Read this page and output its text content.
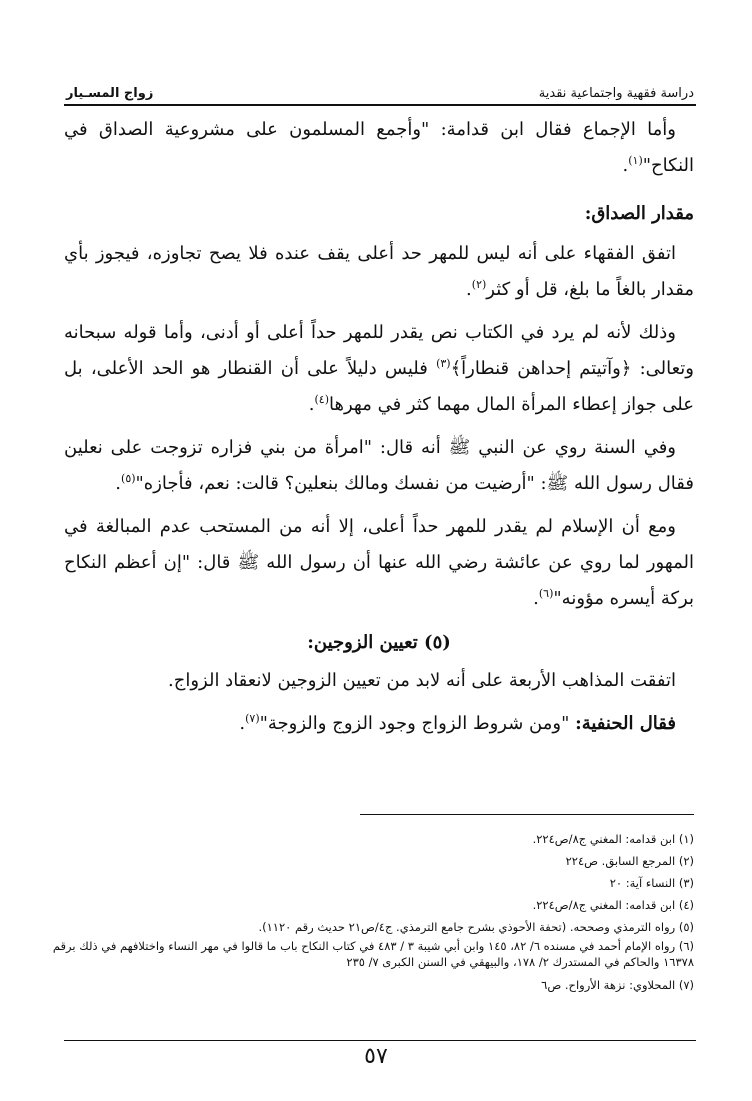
دراسة فقهية واجتماعية نقدية
زواج المسـيار

وأما الإجماع فقال ابن قدامة: "وأجمع المسلمون على مشروعية الصداق في النكاح"$^{(١)}$.

مقدار الصداق:

اتفق الفقهاء على أنه ليس للمهر حد أعلى يقف عنده فلا يصح تجاوزه، فيجوز بأي مقدار بالغاً ما بلغ، قل أو كثر$^{(٢)}$.

وذلك لأنه لم يرد في الكتاب نص يقدر للمهر حداً أعلى أو أدنى، وأما قوله سبحانه وتعالى: ﴿وآتيتم إحداهن قنطاراً﴾$^{(٣)}$ فليس دليلاً على أن القنطار هو الحد الأعلى، بل على جواز إعطاء المرأة المال مهما كثر في مهرها$^{(٤)}$.

وفي السنة روي عن النبي ﷺ أنه قال: "امرأة من بني فزاره تزوجت على نعلين فقال رسول الله ﷺ: "أرضيت من نفسك ومالك بنعلين؟ قالت: نعم، فأجازه"$^{(٥)}$.

ومع أن الإسلام لم يقدر للمهر حداً أعلى، إلا أنه من المستحب عدم المبالغة في المهور لما روي عن عائشة رضي الله عنها أن رسول الله ﷺ قال: "إن أعظم النكاح بركة أيسره مؤونه"$^{(٦)}$.

(٥) تعيين الزوجين:

اتفقت المذاهب الأربعة على أنه لابد من تعيين الزوجين لانعقاد الزواج.

فقال الحنفية: "ومن شروط الزواج وجود الزوج والزوجة"$^{(٧)}$.

(١) ابن قدامه: المغني ج٨/ص٢٢٤.

(٢) المرجع السابق. ص٢٢٤

(٣) النساء آية: ٢٠

(٤) ابن قدامه: المغني ج٨/ص٢٢٤.

(٥) رواه الترمذي وصححه. (تحفة الأحوذي بشرح جامع الترمذي. ج٤/ص٢١ حديث رقم ١١٢٠).

(٦) رواه الإمام أحمد في مسنده ٦/ ٨٢، ١٤٥ وابن أبي شيبة ٣ / ٤٨٣ في كتاب النكاح باب ما قالوا في مهر النساء واختلافهم في ذلك برقم ١٦٣٧٨ والحاكم في المستدرك ٢/ ١٧٨، والبيهقي في السنن الكبرى ٧/ ٢٣٥

(٧) المحلاوي: نزهة الأرواح. ص٦

٥٧
